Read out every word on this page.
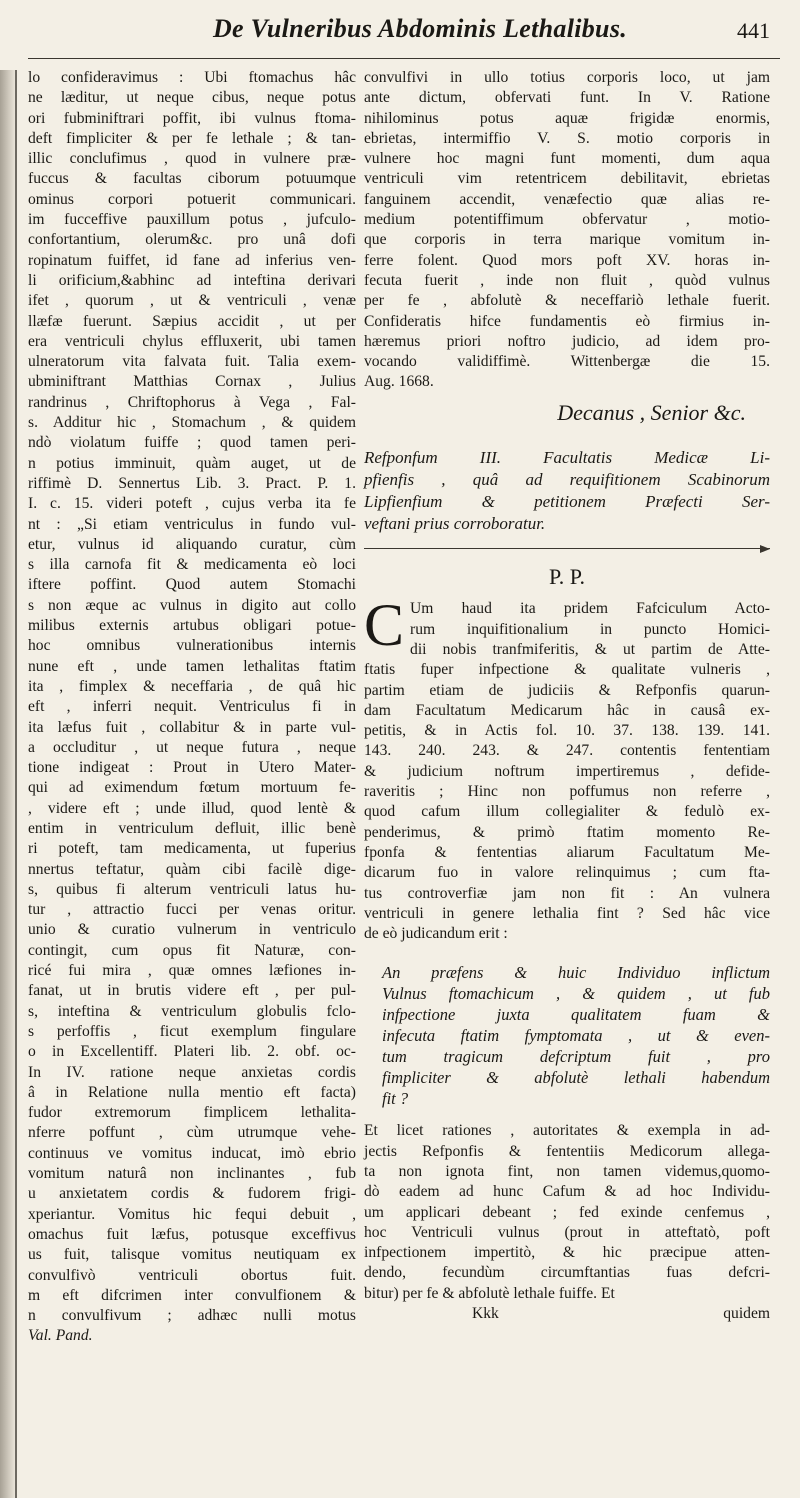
De Vulneribus Abdominis Lethalibus.	441
lo confideravimus : Ubi ftomachus hâc
ne læditur, ut neque cibus, neque potus
ori fubminiftrari poffit, ibi vulnus ftoma-
deft fimpliciter & per fe lethale ; & tan-
illic conclufimus , quod in vulnere præ-
fuccus & facultas ciborum potuumque
ominus corpori potuerit communicari.
im fucceffive pauxillum potus , jufculo-
confortantium, olerum&c. pro unâ dofi
ropinatum fuiffet, id fane ad inferius ven-
li orificium,&abhinc ad inteftina derivari
ifet , quorum , ut & ventriculi , venæ
llæfæ fuerunt. Sæpius accidit , ut per
era ventriculi chylus effluxerit, ubi tamen
ulneratorum vita falvata fuit. Talia exem-
ubminiftrant Matthias Cornax , Julius
randrinus , Chriftophorus à Vega , Fal-
s. Additur hic , Stomachum , & quidem
ndò violatum fuiffe ; quod tamen peri-
n potius imminuit, quàm auget, ut de
riffimè D. Sennertus Lib. 3. Pract. P. 1.
I. c. 15. videri poteft , cujus verba ita fe
nt : „Si etiam ventriculus in fundo vul-
etur, vulnus id aliquando curatur, cùm
s illa carnofa fit & medicamenta eò loci
iftere poffint. Quod autem Stomachi
s non æque ac vulnus in digito aut collo
milibus externis artubus obligari potue-
hoc omnibus vulnerationibus internis
nune eft , unde tamen lethalitas ftatim
ita , fimplex & neceffaria , de quâ hic
eft , inferri nequit. Ventriculus fi in
ita læfus fuit , collabitur & in parte vul-
a occluditur , ut neque futura , neque
tione indigeat : Prout in Utero Mater-
qui ad eximendum fœtum mortuum fe-
, videre eft ; unde illud, quod lentè &
entim in ventriculum defluit, illic benè
ri poteft, tam medicamenta, ut fuperius
nnertus teftatur, quàm cibi facilè dige-
s, quibus fi alterum ventriculi latus hu-
tur , attractio fucci per venas oritur.
unio & curatio vulnerum in ventriculo
contingit, cum opus fit Naturæ, con-
ricé fui mira , quæ omnes læfiones in-
fanat, ut in brutis videre eft , per pul-
s, inteftina & ventriculum globulis fclo-
s perfoffis , ficut exemplum fingulare
o in Excellentiff. Plateri lib. 2. obf. oc-
In IV. ratione neque anxietas cordis
â in Relatione nulla mentio eft facta)
fudor extremorum fimplicem lethalita-
nferre poffunt , cùm utrumque vehe-
continuus ve vomitus inducat, imò ebrio
vomitum naturâ non inclinantes , fub
u anxietatem cordis & fudorem frigi-
xperiantur. Vomitus hic fequi debuit ,
omachus fuit læfus, potusque exceffivus
us fuit, talisque vomitus neutiquam ex
convulfivò ventriculi obortus fuit.
m eft difcrimen inter convulfionem &
n convulfivum ; adhæc nulli motus
Val. Pand.
convulfivi in ullo totius corporis loco, ut jam
ante dictum, obfervati funt. In V. Ratione
nihilominus potus aquæ frigidæ enormis,
ebrietas, intermiffio V. S. motio corporis in
vulnere hoc magni funt momenti, dum aqua
ventriculi vim retentricem debilitavit, ebrietas
fanguinem accendit, venæfectio quæ alias re-
medium potentiffimum obfervatur , motio-
que corporis in terra marique vomitum in-
ferre folent. Quod mors poft XV. horas in-
fecuta fuerit , inde non fluit , quòd vulnus
per fe , abfolutè & neceffariò lethale fuerit.
Confideratis hifce fundamentis eò firmius in-
hæremus priori noftro judicio, ad idem pro-
vocando validiffimè. Wittenbergæ die 15.
Aug. 1668.

Decanus , Senior &c.

Refponfum III. Facultatis Medicæ Li-
pfienfis , quâ ad requifitionem Scabinorum
Lipfienfium & petitionem Præfecti Ser-
veftani prius corroboratur.

P. P.

C Um haud ita pridem Fafciculum Acto-
rum inquifitionalium in puncto Homici-
dii nobis tranfmiferitis, & ut partim de Atte-
ftatis fuper infpectione & qualitate vulneris ,
partim etiam de judiciis & Refponfis quarun-
dam Facultatum Medicarum hâc in causâ ex-
petitis, & in Actis fol. 10. 37. 138. 139. 141.
143. 240. 243. & 247. contentis fententiam
& judicium noftrum impertiremus , defide-
raveritis ; Hinc non poffumus non referre ,
quod cafum illum collegialiter & fedulò ex-
penderimus, & primò ftatim momento Re-
fponfa & fententias aliarum Facultatum Me-
dicarum fuo in valore relinquimus ; cum fta-
tus controverfiæ jam non fit : An vulnera
ventriculi in genere lethalia fint ? Sed hâc vice
de eò judicandum erit :
An præfens & huic Individuo inflictum
Vulnus ftomachicum , & quidem , ut fub
infpectione juxta qualitatem fuam &
infecuta ftatim fymptomata , ut & even-
tum tragicum defcriptum fuit , pro
fimpliciter & abfolutè lethali habendum
fit ?
Et licet rationes , autoritates & exempla in ad-
jectis Refponfis & fententiis Medicorum allega-
ta non ignota fint, non tamen videmus,quomo-
dò eadem ad hunc Cafum & ad hoc Individu-
um applicari debeant ; fed exinde cenfemus ,
hoc Ventriculi vulnus (prout in atteftatò, poft
infpectionem impertitò, & hic præcipue atten-
dendo, fecundùm circumftantias fuas defcri-
bitur) per fe & abfolutè lethale fuiffe. Et
Kkk	quidem
